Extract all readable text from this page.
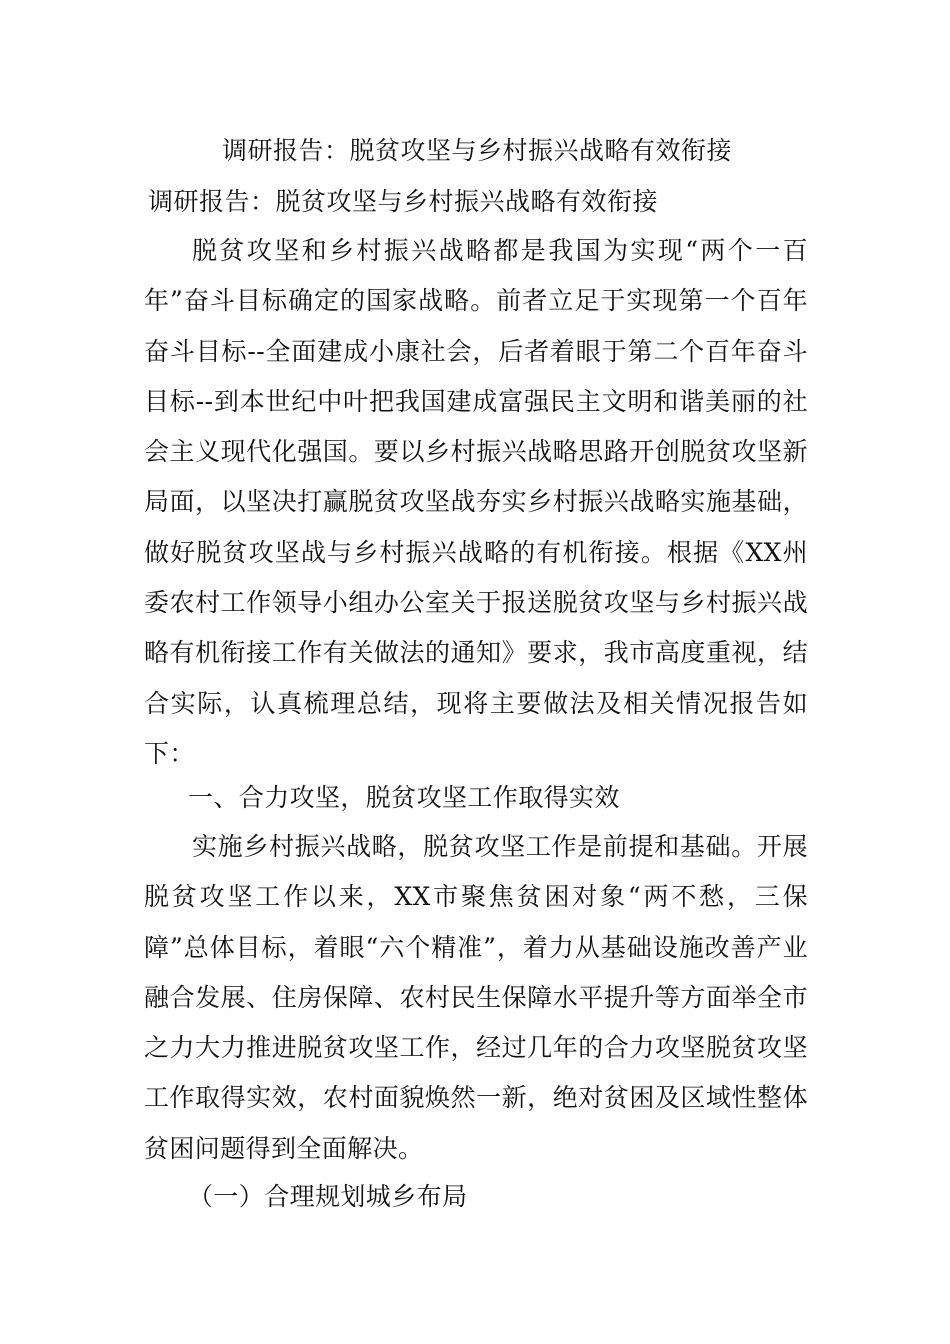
调研报告：脱贫攻坚与乡村振兴战略有效衔接
调研报告：脱贫攻坚与乡村振兴战略有效衔接

脱贫攻坚和乡村振兴战略都是我国为实现“两个一百年”奋斗目标确定的国家战略。前者立足于实现第一个百年奋斗目标--全面建成小康社会，后者着眼于第二个百年奋斗目标--到本世纪中叶把我国建成富强民主文明和谐美丽的社会主义现代化强国。要以乡村振兴战略思路开创脱贫攻坚新局面，以坚决打赢脱贫攻坚战夯实乡村振兴战略实施基础，做好脱贫攻坚战与乡村振兴战略的有机衔接。根据《XX州委农村工作领导小组办公室关于报送脱贫攻坚与乡村振兴战略有机衔接工作有关做法的通知》要求，我市高度重视，结合实际，认真梳理总结，现将主要做法及相关情况报告如下：

一、合力攻坚，脱贫攻坚工作取得实效

实施乡村振兴战略，脱贫攻坚工作是前提和基础。开展脱贫攻坚工作以来，XX市聚焦贫困对象“两不愁，三保障”总体目标，着眼“六个精准”，着力从基础设施改善产业融合发展、住房保障、农村民生保障水平提升等方面举全市之力大力推进脱贫攻坚工作，经过几年的合力攻坚脱贫攻坚工作取得实效，农村面貌焕然一新，绝对贫困及区域性整体贫困问题得到全面解决。

（一）合理规划城乡布局
